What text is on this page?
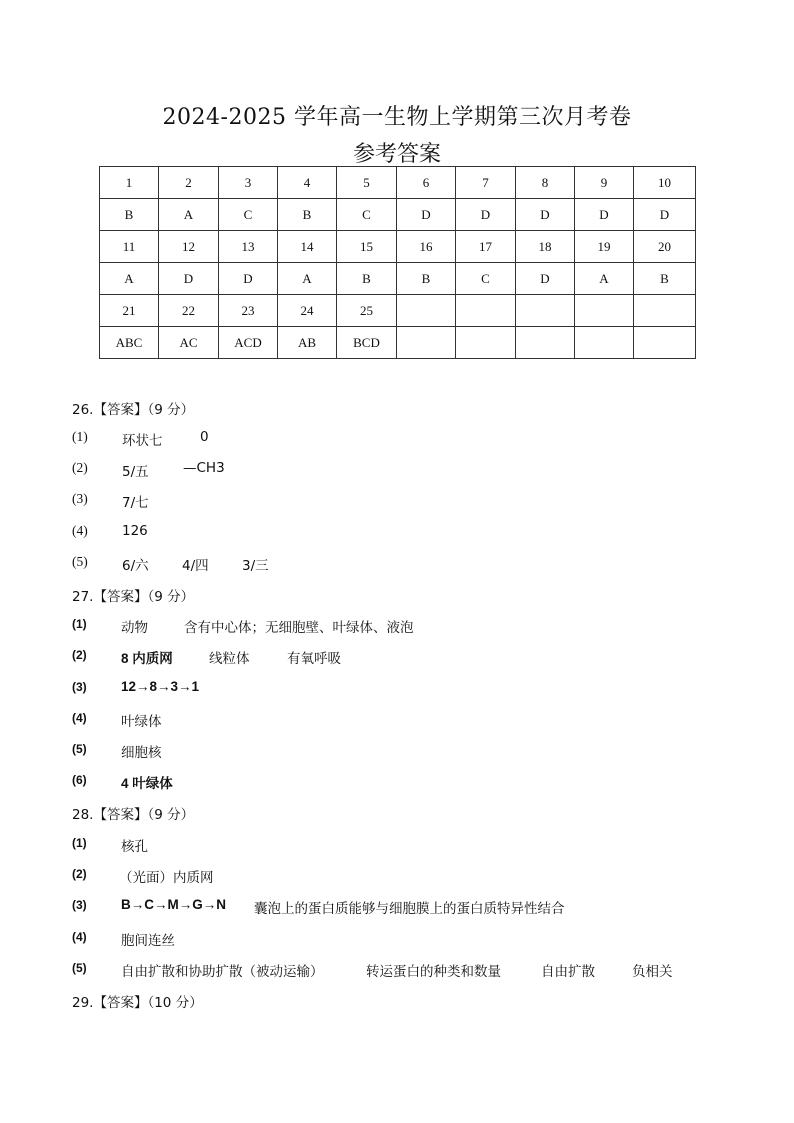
2024-2025 学年高一生物上学期第三次月考卷
参考答案
1	2	3	4	5	6	7	8	9	10
B	A	C	B	C	D	D	D	D	D
11	12	13	14	15	16	17	18	19	20
A	D	D	A	B	B	C	D	A	B
21	22	23	24	25					
ABC	AC	ACD	AB	BCD					
26.【答案】（9 分）
(1)	环状七	0
(2)	5/五	—CH3
(3)	7/七
(4)	126
(5)	6/六 4/四 3/三
27.【答案】（9 分）
(1)	动物	含有中心体；无细胞壁、叶绿体、液泡
(2)	8 内质网	线粒体	有氧呼吸
(3)	12→8→3→1
(4)	叶绿体
(5)	细胞核
(6)	4 叶绿体
28.【答案】（9 分）
(1)	核孔
(2) （光面）内质网
(3)	B→C→M→G→N 囊泡上的蛋白质能够与细胞膜上的蛋白质特异性结合
(4)	胞间连丝
(5)	自由扩散和协助扩散（被动运输）	转运蛋白的种类和数量	自由扩散	负相关
29.【答案】（10 分）
